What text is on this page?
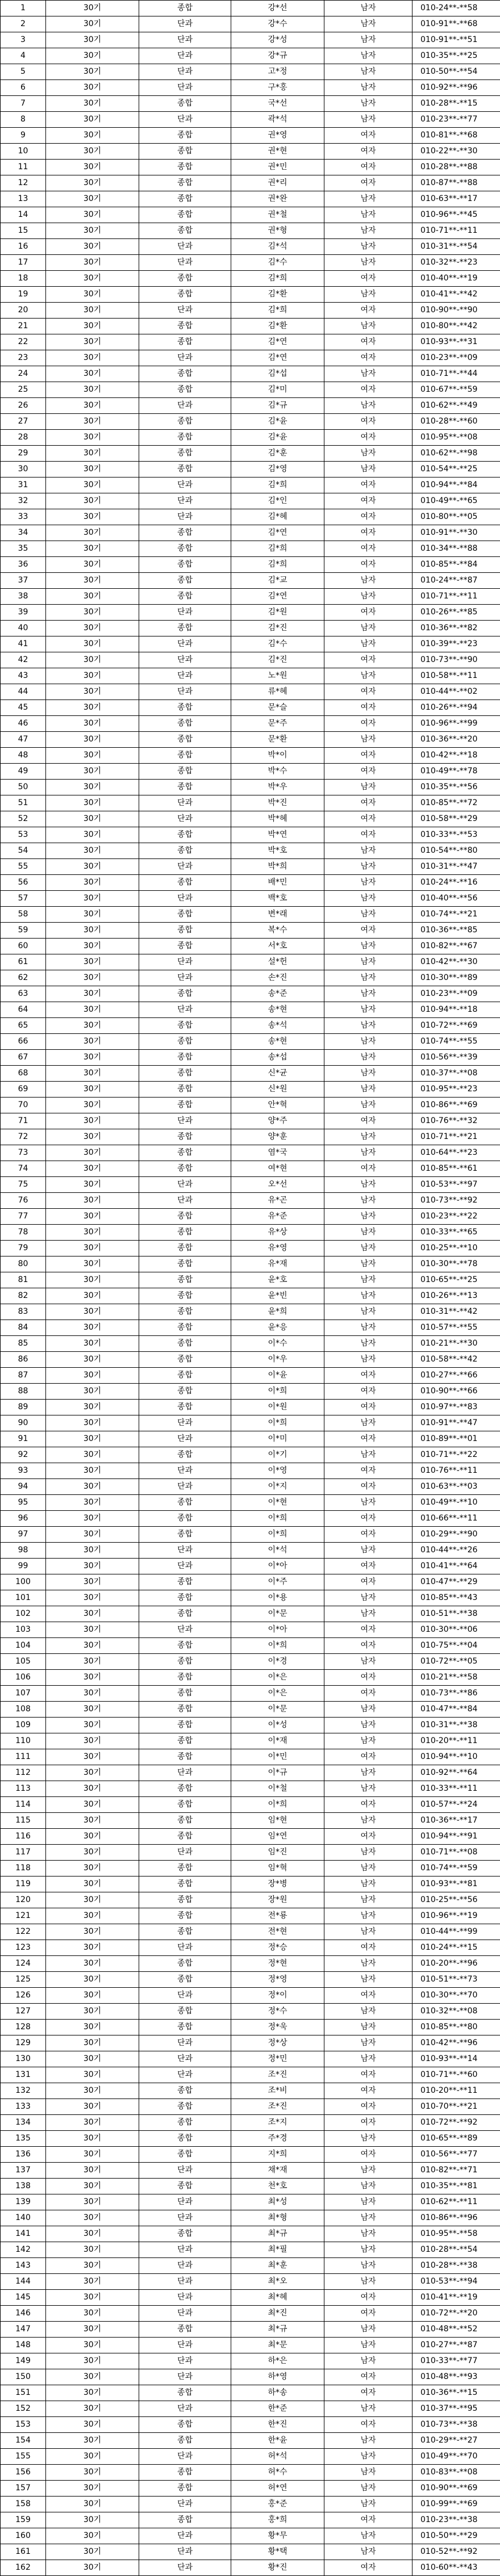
1	30기	종합	강*선	남자	010-24**-**58
2	30기	단과	강*수	남자	010-91**-**68
3	30기	단과	강*성	남자	010-91**-**51
4	30기	단과	강*규	남자	010-35**-**25
5	30기	단과	고*정	남자	010-50**-**54
6	30기	단과	구*홍	남자	010-92**-**96
7	30기	종합	국*선	남자	010-28**-**15
8	30기	단과	곽*석	남자	010-23**-**77
9	30기	종합	권*영	여자	010-81**-**68
10	30기	종합	권*현	여자	010-22**-**30
11	30기	종합	권*민	여자	010-28**-**88
12	30기	종합	권*리	여자	010-87**-**88
13	30기	종합	권*완	남자	010-63**-**17
14	30기	종합	권*철	남자	010-96**-**45
15	30기	종합	권*형	남자	010-71**-**11
16	30기	단과	김*석	남자	010-31**-**54
17	30기	단과	김*수	남자	010-32**-**23
18	30기	종합	김*희	여자	010-40**-**19
19	30기	종합	김*환	남자	010-41**-**42
20	30기	단과	김*희	여자	010-90**-**90
21	30기	종합	김*환	남자	010-80**-**42
22	30기	종합	김*연	여자	010-93**-**31
23	30기	단과	김*연	여자	010-23**-**09
24	30기	종합	김*섭	남자	010-71**-**44
25	30기	종합	김*미	여자	010-67**-**59
26	30기	단과	김*규	남자	010-62**-**49
27	30기	종합	김*윤	여자	010-28**-**60
28	30기	종합	김*윤	여자	010-95**-**08
29	30기	종합	김*훈	남자	010-62**-**98
30	30기	종합	김*영	남자	010-54**-**25
31	30기	단과	김*희	여자	010-94**-**84
32	30기	단과	김*인	여자	010-49**-**65
33	30기	단과	김*혜	여자	010-80**-**05
34	30기	종합	김*연	여자	010-91**-**30
35	30기	종합	김*희	여자	010-34**-**88
36	30기	종합	김*희	여자	010-85**-**84
37	30기	종합	김*교	남자	010-24**-**87
38	30기	종합	김*연	남자	010-71**-**11
39	30기	단과	김*원	여자	010-26**-**85
40	30기	종합	김*진	남자	010-36**-**82
41	30기	단과	김*수	남자	010-39**-**23
42	30기	단과	김*진	여자	010-73**-**90
43	30기	단과	노*원	남자	010-58**-**11
44	30기	단과	류*혜	여자	010-44**-**02
45	30기	종합	문*슬	여자	010-26**-**94
46	30기	종합	문*주	여자	010-96**-**99
47	30기	종합	문*환	남자	010-36**-**20
48	30기	종합	박*이	여자	010-42**-**18
49	30기	종합	박*수	여자	010-49**-**78
50	30기	종합	박*우	남자	010-35**-**56
51	30기	단과	박*진	여자	010-85**-**72
52	30기	단과	박*혜	여자	010-58**-**29
53	30기	종합	박*연	여자	010-33**-**53
54	30기	종합	박*호	남자	010-54**-**80
55	30기	단과	박*희	남자	010-31**-**47
56	30기	종합	배*민	남자	010-24**-**16
57	30기	단과	백*호	남자	010-40**-**56
58	30기	종합	변*래	남자	010-74**-**21
59	30기	종합	복*수	여자	010-36**-**85
60	30기	종합	서*호	남자	010-82**-**67
61	30기	단과	설*헌	남자	010-42**-**30
62	30기	단과	손*진	남자	010-30**-**89
63	30기	종합	송*준	남자	010-23**-**09
64	30기	단과	송*현	남자	010-94**-**18
65	30기	종합	송*석	남자	010-72**-**69
66	30기	종합	송*현	남자	010-74**-**55
67	30기	종합	송*섭	남자	010-56**-**39
68	30기	종합	신*균	남자	010-37**-**08
69	30기	종합	신*원	남자	010-95**-**23
70	30기	종합	안*혁	남자	010-86**-**69
71	30기	단과	양*주	여자	010-76**-**32
72	30기	종합	양*훈	남자	010-71**-**21
73	30기	종합	염*국	남자	010-64**-**23
74	30기	종합	여*현	여자	010-85**-**61
75	30기	단과	오*선	남자	010-53**-**97
76	30기	단과	유*곤	남자	010-73**-**92
77	30기	종합	유*준	남자	010-23**-**22
78	30기	종합	유*상	남자	010-33**-**65
79	30기	종합	유*영	남자	010-25**-**10
80	30기	종합	유*재	남자	010-30**-**78
81	30기	종합	윤*호	남자	010-65**-**25
82	30기	종합	윤*빈	남자	010-26**-**13
83	30기	종합	윤*희	남자	010-31**-**42
84	30기	종합	윤*응	남자	010-57**-**55
85	30기	종합	이*수	남자	010-21**-**30
86	30기	종합	이*우	남자	010-58**-**42
87	30기	종합	이*윤	여자	010-27**-**66
88	30기	종합	이*희	여자	010-90**-**66
89	30기	종합	이*원	여자	010-97**-**83
90	30기	단과	이*희	남자	010-91**-**47
91	30기	단과	이*미	여자	010-89**-**01
92	30기	종합	이*기	남자	010-71**-**22
93	30기	단과	이*영	여자	010-76**-**11
94	30기	단과	이*지	여자	010-63**-**03
95	30기	종합	이*현	남자	010-49**-**10
96	30기	종합	이*희	여자	010-66**-**11
97	30기	종합	이*희	여자	010-29**-**90
98	30기	단과	이*석	남자	010-44**-**26
99	30기	단과	이*아	여자	010-41**-**64
100	30기	종합	이*주	여자	010-47**-**29
101	30기	종합	이*용	남자	010-85**-**43
102	30기	종합	이*문	남자	010-51**-**38
103	30기	단과	이*아	여자	010-30**-**06
104	30기	종합	이*희	여자	010-75**-**04
105	30기	종합	이*경	남자	010-72**-**05
106	30기	종합	이*은	여자	010-21**-**58
107	30기	종합	이*은	여자	010-73**-**86
108	30기	종합	이*문	남자	010-47**-**84
109	30기	종합	이*성	남자	010-31**-**38
110	30기	종합	이*재	남자	010-20**-**11
111	30기	종합	이*민	여자	010-94**-**10
112	30기	단과	이*규	남자	010-92**-**64
113	30기	종합	이*철	남자	010-33**-**11
114	30기	종합	이*희	여자	010-57**-**24
115	30기	종합	임*현	남자	010-36**-**17
116	30기	종합	임*연	여자	010-94**-**91
117	30기	단과	임*진	남자	010-71**-**08
118	30기	종합	임*혁	남자	010-74**-**59
119	30기	종합	장*병	남자	010-93**-**81
120	30기	종합	장*원	남자	010-25**-**56
121	30기	종합	전*룡	남자	010-96**-**19
122	30기	종합	전*현	남자	010-44**-**99
123	30기	단과	정*승	여자	010-24**-**15
124	30기	종합	정*현	남자	010-20**-**96
125	30기	종합	정*영	남자	010-51**-**73
126	30기	단과	정*이	여자	010-30**-**70
127	30기	종합	정*수	남자	010-32**-**08
128	30기	종합	정*욱	남자	010-85**-**80
129	30기	단과	정*상	남자	010-42**-**96
130	30기	단과	정*민	남자	010-93**-**14
131	30기	단과	조*진	여자	010-71**-**60
132	30기	종합	조*비	여자	010-20**-**11
133	30기	종합	조*진	여자	010-70**-**21
134	30기	종합	조*지	여자	010-72**-**92
135	30기	종합	주*경	남자	010-65**-**89
136	30기	종합	지*희	여자	010-56**-**77
137	30기	단과	채*재	남자	010-82**-**71
138	30기	종합	천*호	남자	010-35**-**81
139	30기	단과	최*성	남자	010-62**-**11
140	30기	단과	최*형	남자	010-86**-**96
141	30기	종합	최*규	남자	010-95**-**58
142	30기	단과	최*필	남자	010-28**-**54
143	30기	단과	최*훈	남자	010-28**-**38
144	30기	단과	최*오	남자	010-53**-**94
145	30기	단과	최*혜	여자	010-41**-**19
146	30기	단과	최*진	여자	010-72**-**20
147	30기	종합	최*규	남자	010-48**-**52
148	30기	단과	최*문	남자	010-27**-**87
149	30기	단과	하*은	남자	010-33**-**77
150	30기	단과	하*영	여자	010-48**-**93
151	30기	종합	하*송	여자	010-36**-**15
152	30기	단과	한*준	남자	010-37**-**95
153	30기	종합	한*진	여자	010-73**-**38
154	30기	종합	한*윤	남자	010-29**-**27
155	30기	단과	허*석	남자	010-49**-**70
156	30기	종합	허*수	남자	010-83**-**08
157	30기	종합	허*연	남자	010-90**-**69
158	30기	단과	홍*준	남자	010-99**-**69
159	30기	종합	홍*희	여자	010-23**-**38
160	30기	단과	황*무	남자	010-50**-**29
161	30기	단과	황*택	남자	010-52**-**92
162	30기	단과	황*진	여자	010-60**-**43
